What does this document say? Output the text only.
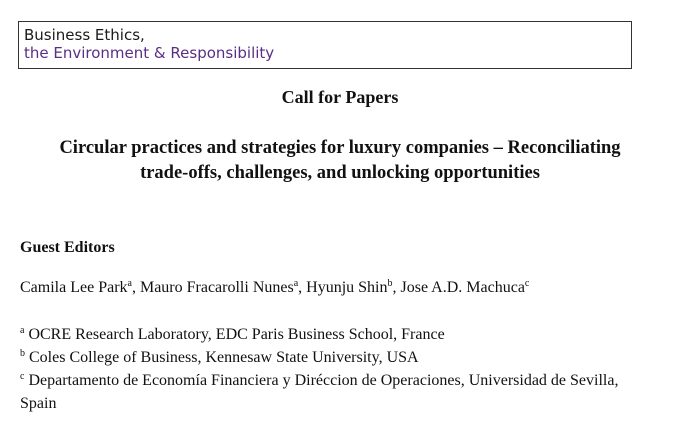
Business Ethics,
the Environment & Responsibility
Call for Papers
Circular practices and strategies for luxury companies – Reconciliating
trade-offs, challenges, and unlocking opportunities
Guest Editors
Camila Lee Park$^a$, Mauro Fracarolli Nunes$^a$, Hyunju Shin$^b$, Jose A.D. Machuca$^c$
$^a$ OCRE Research Laboratory, EDC Paris Business School, France
$^b$ Coles College of Business, Kennesaw State University, USA
$^c$ Departamento de Economía Financiera y Diréccion de Operaciones, Universidad de Sevilla,
Spain
